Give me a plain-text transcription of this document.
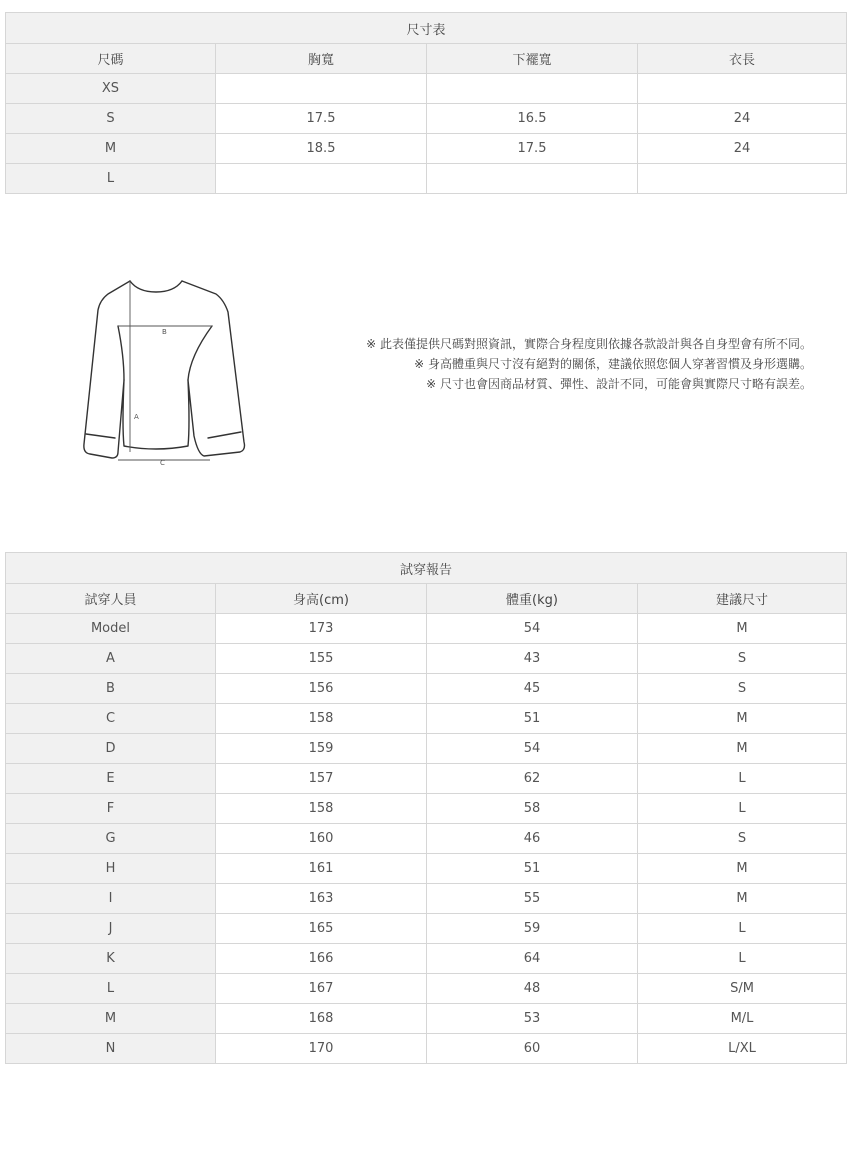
尺寸表			
尺碼	胸寬	下襬寬	衣長
XS			
S	17.5	16.5	24
M	18.5	17.5	24
L			
A
B
C
※ 此表僅提供尺碼對照資訊，實際合身程度則依據各款設計與各自身型會有所不同。
※ 身高體重與尺寸沒有絕對的關係，建議依照您個人穿著習慣及身形選購。
※ 尺寸也會因商品材質、彈性、設計不同，可能會與實際尺寸略有誤差。
試穿報告			
試穿人員	身高(cm)	體重(kg)	建議尺寸
Model	173	54	M
A	155	43	S
B	156	45	S
C	158	51	M
D	159	54	M
E	157	62	L
F	158	58	L
G	160	46	S
H	161	51	M
I	163	55	M
J	165	59	L
K	166	64	L
L	167	48	S/M
M	168	53	M/L
N	170	60	L/XL
